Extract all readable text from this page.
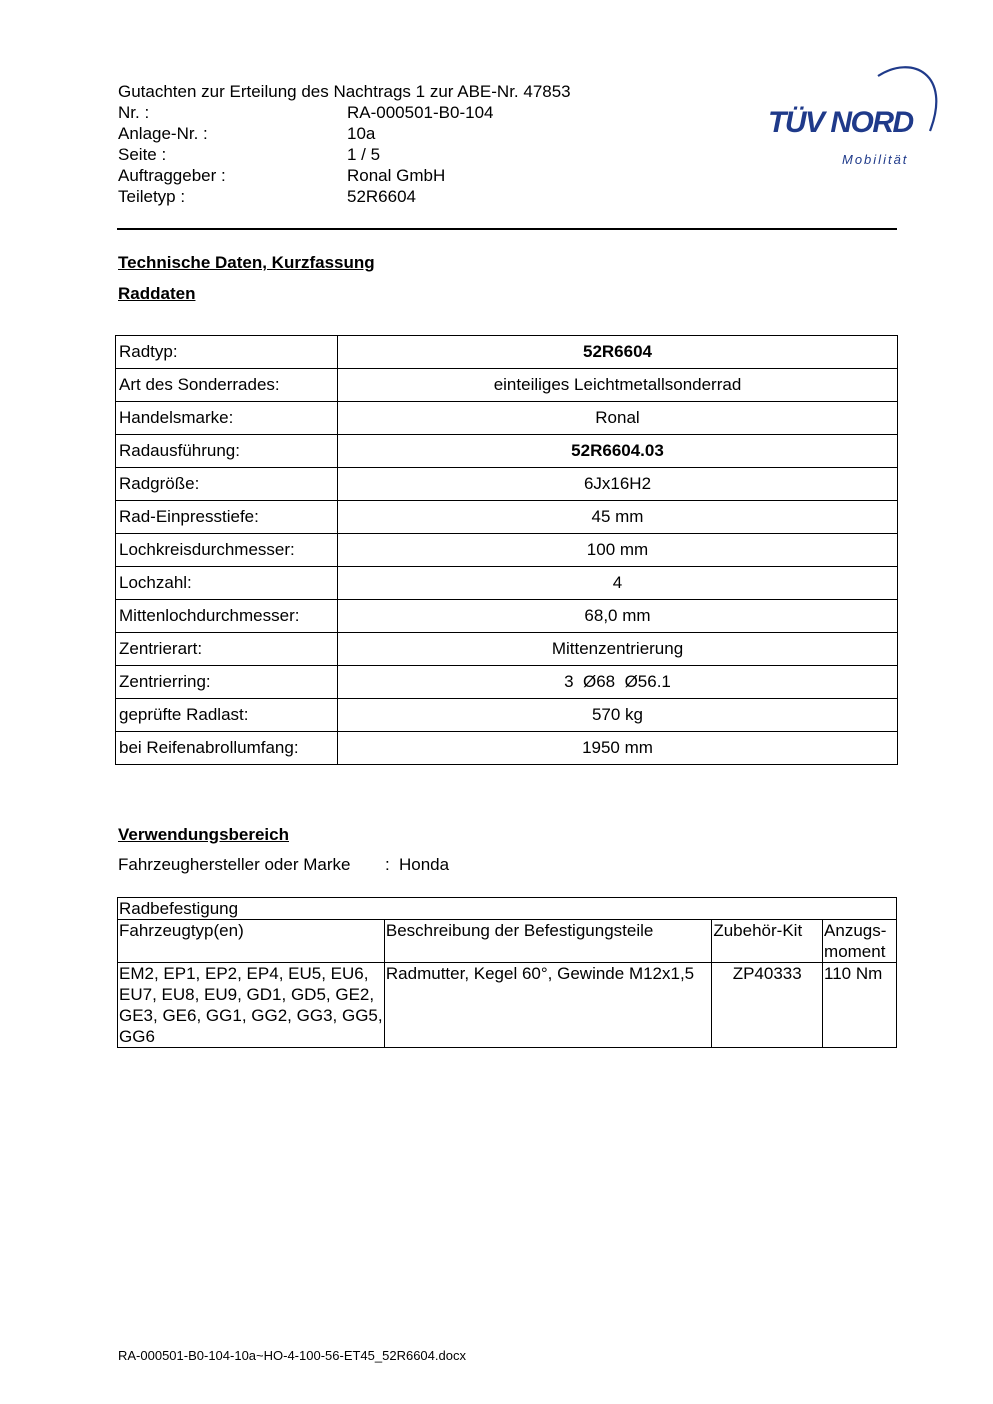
Gutachten zur Erteilung des Nachtrags 1 zur ABE-Nr. 47853
Nr. :	RA-000501-B0-104
Anlage-Nr. :	10a
Seite :	1 / 5
Auftraggeber :	Ronal GmbH
Teiletyp :	52R6604
TÜV NORD
Mobilität
Technische Daten, Kurzfassung
Raddaten
Radtyp:	52R6604
Art des Sonderrades:	einteiliges Leichtmetallsonderrad
Handelsmarke:	Ronal
Radausführung:	52R6604.03
Radgröße:	6Jx16H2
Rad-Einpresstiefe:	45 mm
Lochkreisdurchmesser:	100 mm
Lochzahl:	4
Mittenlochdurchmesser:	68,0 mm
Zentrierart:	Mittenzentrierung
Zentrierring:	3  Ø68  Ø56.1
geprüfte Radlast:	570 kg
bei Reifenabrollumfang:	1950 mm
Verwendungsbereich
Fahrzeughersteller oder Marke	: Honda
Radbefestigung			
Fahrzeugtyp(en)	Beschreibung der Befestigungsteile	Zubehör-Kit	Anzugs-moment
EM2, EP1, EP2, EP4, EU5, EU6, EU7, EU8, EU9, GD1, GD5, GE2, GE3, GE6, GG1, GG2, GG3, GG5, GG6	Radmutter, Kegel 60°, Gewinde M12x1,5	ZP40333	110 Nm
RA-000501-B0-104-10a~HO-4-100-56-ET45_52R6604.docx
